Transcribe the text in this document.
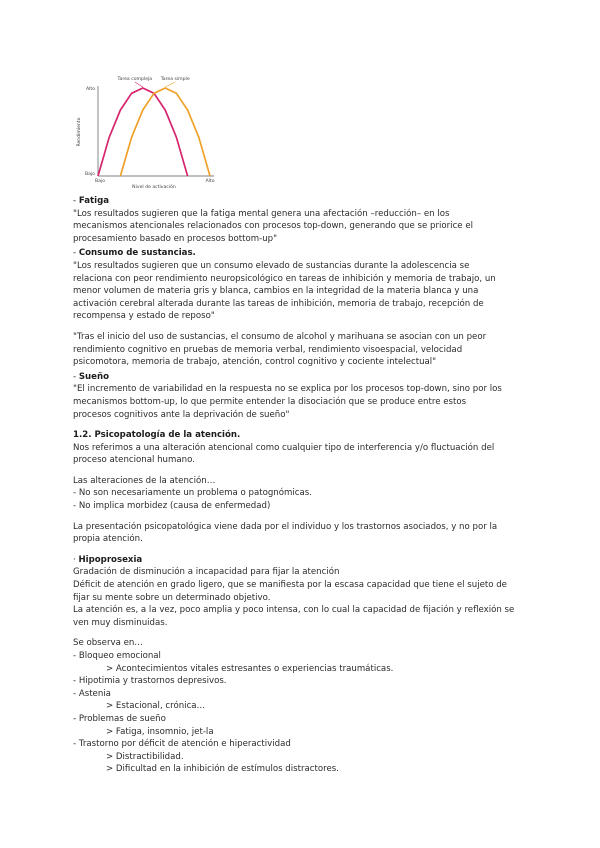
Tarea compleja Tarea simple
Alto
Bajo
Bajo	Alto
Nivel de activación
Rendimiento

- Fatiga

"Los resultados sugieren que la fatiga mental genera una afectación –reducción– en los

mecanismos atencionales relacionados con procesos top-down, generando que se priorice el

procesamiento basado en procesos bottom-up"

- Consumo de sustancias.

"Los resultados sugieren que un consumo elevado de sustancias durante la adolescencia se

relaciona con peor rendimiento neuropsicológico en tareas de inhibición y memoria de trabajo, un

menor volumen de materia gris y blanca, cambios en la integridad de la materia blanca y una

activación cerebral alterada durante las tareas de inhibición, memoria de trabajo, recepción de

recompensa y estado de reposo"

"Tras el inicio del uso de sustancias, el consumo de alcohol y marihuana se asocian con un peor

rendimiento cognitivo en pruebas de memoria verbal, rendimiento visoespacial, velocidad

psicomotora, memoria de trabajo, atención, control cognitivo y cociente intelectual"

- Sueño

"El incremento de variabilidad en la respuesta no se explica por los procesos top-down, sino por los

mecanismos bottom-up, lo que permite entender la disociación que se produce entre estos

procesos cognitivos ante la deprivación de sueño"

1.2. Psicopatología de la atención.

Nos referimos a una alteración atencional como cualquier tipo de interferencia y/o fluctuación del

proceso atencional humano.

Las alteraciones de la atención…

- No son necesariamente un problema o patognómicas.

- No implica morbidez (causa de enfermedad)

La presentación psicopatológica viene dada por el individuo y los trastornos asociados, y no por la

propia atención.

· Hipoprosexia

Gradación de disminución a incapacidad para fijar la atención

Déficit de atención en grado ligero, que se manifiesta por la escasa capacidad que tiene el sujeto de

fijar su mente sobre un determinado objetivo.

La atención es, a la vez, poco amplia y poco intensa, con lo cual la capacidad de fijación y reflexión se

ven muy disminuidas.

Se observa en…

- Bloqueo emocional

> Acontecimientos vitales estresantes o experiencias traumáticas.

- Hipotimia y trastornos depresivos.

- Astenia

> Estacional, crónica…

- Problemas de sueño

> Fatiga, insomnio, jet-la

- Trastorno por déficit de atención e hiperactividad

> Distractibilidad.

> Dificultad en la inhibición de estímulos distractores.
